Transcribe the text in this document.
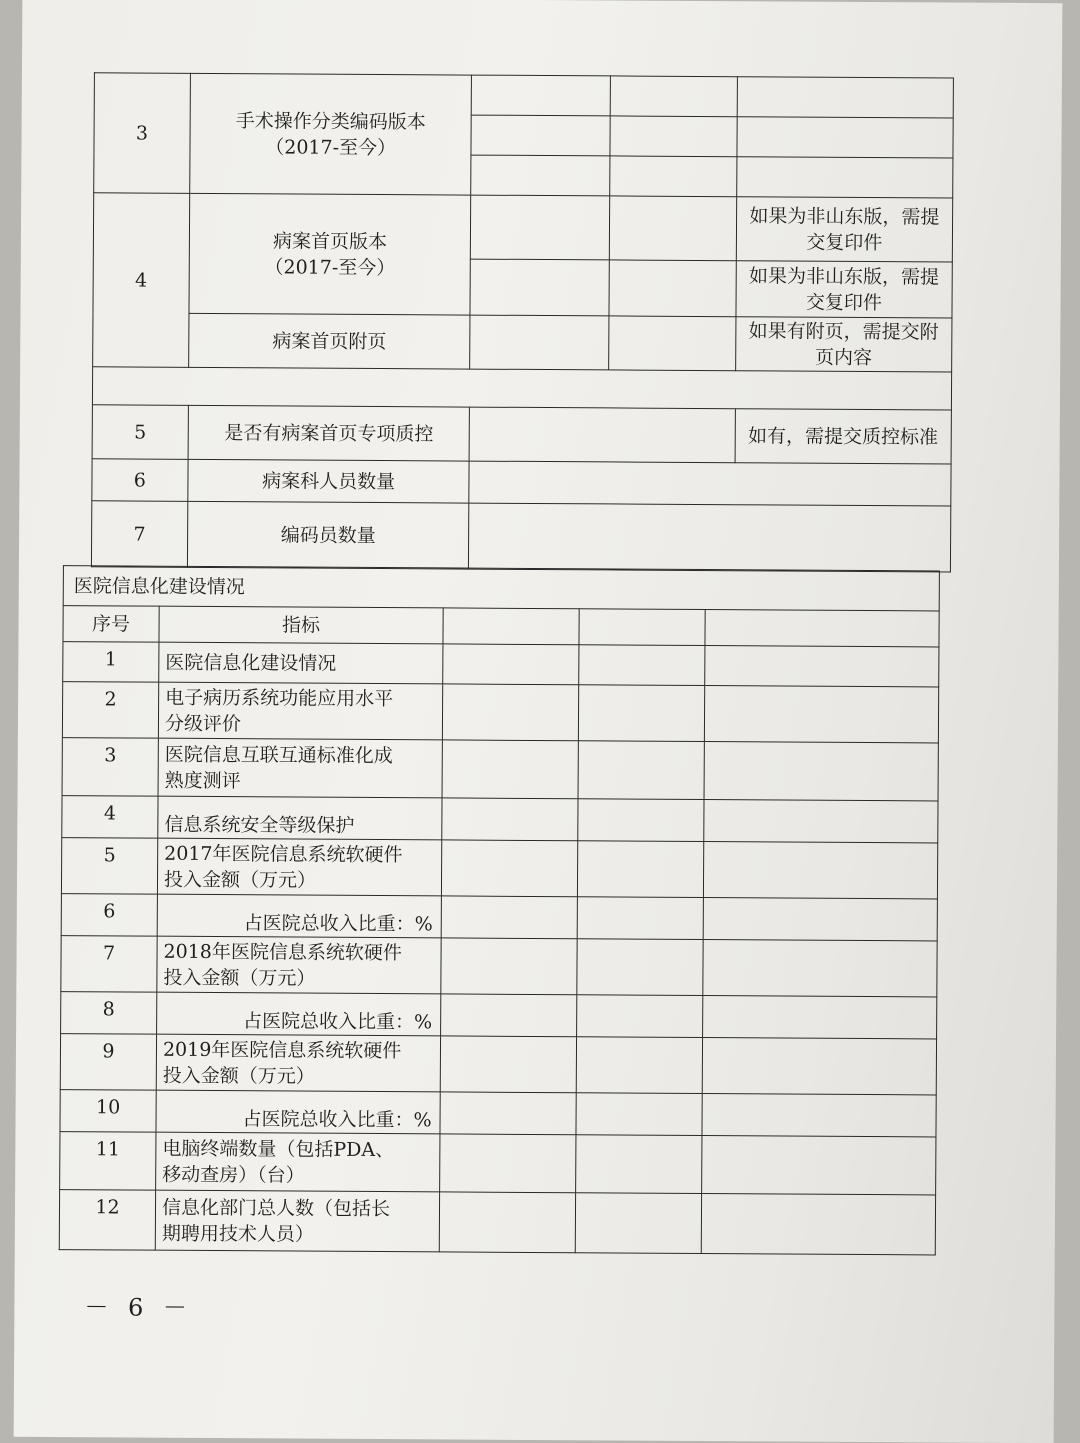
3	手术操作分类编码版本
（2017-至今）			

4	病案首页版本
（2017-至今）			如果为非山东版，需提交复印件
				如果为非山东版，需提交复印件
	病案首页附页			如果有附页，需提交附页内容

5	是否有病案首页专项质控			如有，需提交质控标准
6	病案科人员数量			
7	编码员数量			
医院信息化建设情况				
序号	指标			
1	医院信息化建设情况			

2	电子病历系统功能应用水平
分级评价			

3	医院信息互联互通标准化成
熟度测评			

4	信息系统安全等级保护			

5	2017年医院信息系统软硬件
投入金额（万元）			

6	占医院总收入比重：%			

7	2018年医院信息系统软硬件
投入金额（万元）			

8	占医院总收入比重：%			

9	2019年医院信息系统软硬件
投入金额（万元）			

10	占医院总收入比重：%			

11	电脑终端数量（包括PDA、
移动查房）（台）			

12	信息化部门总人数（包括长
期聘用技术人员）			

－ 6 －
